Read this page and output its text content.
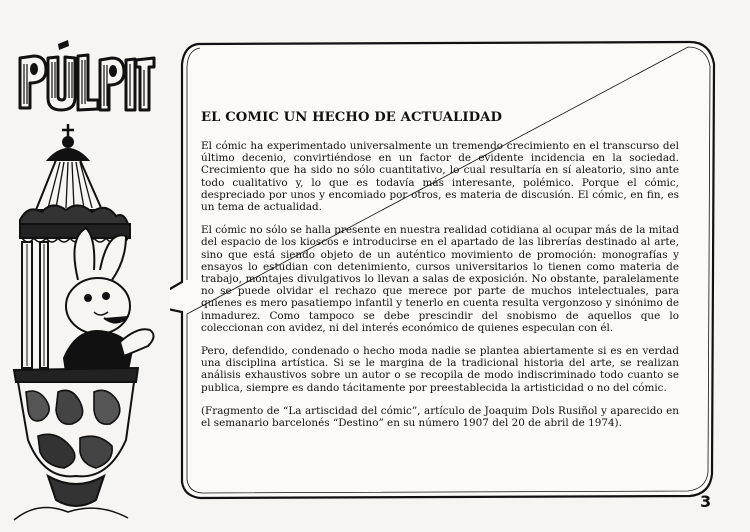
EL COMIC UN HECHO DE ACTUALIDAD

El cómic ha experimentado universalmente un tremendo crecimiento en el transcurso del último decenio, convirtiéndose en un factor de evidente incidencia en la sociedad. Crecimiento que ha sido no sólo cuantitativo, lo cual resultaría en sí aleatorio, sino ante todo cualitativo y, lo que es todavía más interesante, polémico. Porque el cómic, despreciado por unos y encomiado por otros, es materia de discusión. El cómic, en fin, es un tema de actualidad.

El cómic no sólo se halla presente en nuestra realidad cotidiana al ocupar más de la mitad del espacio de los kioscos e introducirse en el apartado de las librerías destinado al arte, sino que está siendo objeto de un auténtico movimiento de promoción: monografías y ensayos lo estudian con detenimiento, cursos universitarios lo tienen como materia de trabajo, montajes divulgativos lo llevan a salas de exposición. No obstante, paralelamente no se puede olvidar el rechazo que merece por parte de muchos intelectuales, para quienes es mero pasatiempo infantil y tenerlo en cuenta resulta vergonzoso y sinónimo de inmadurez. Como tampoco se debe prescindir del snobismo de aquellos que lo coleccionan con avidez, ni del interés económico de quienes especulan con él.

Pero, defendido, condenado o hecho moda nadie se plantea abiertamente si es en verdad una disciplina artística. Si se le margina de la tradicional historia del arte, se realizan análisis exhaustivos sobre un autor o se recopila de modo indiscriminado todo cuanto se publica, siempre es dando tácitamente por preestablecida la artisticidad o no del cómic.

(Fragmento de “La artiscidad del cómic”, artículo de Joaquim Dols Rusiñol y aparecido en el semanario barcelonés “Destino” en su número 1907 del 20 de abril de 1974).

3
